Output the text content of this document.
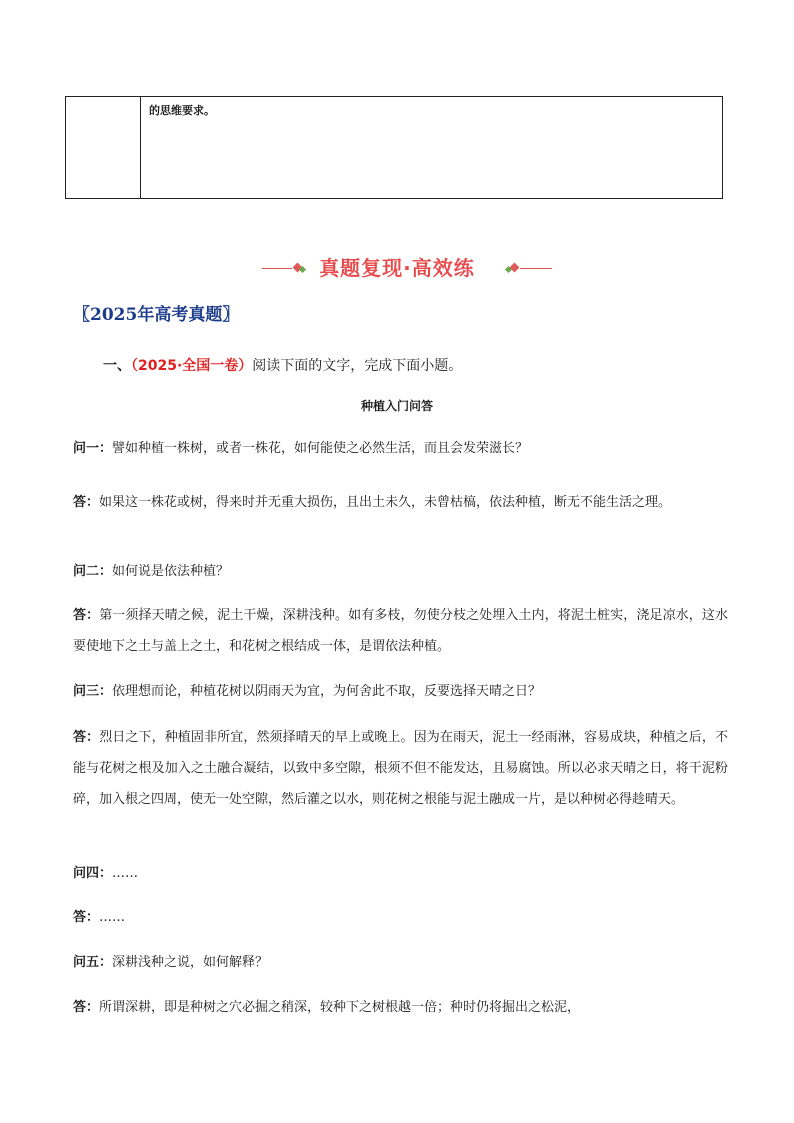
的思维要求。
真题复现·高效练
〖2025年高考真题〗
一、（2025·全国一卷）阅读下面的文字，完成下面小题。
种植入门问答
问一：譬如种植一株树，或者一株花，如何能使之必然生活，而且会发荣滋长？
答：如果这一株花或树，得来时并无重大损伤，且出土未久，未曾枯槁，依法种植，断无不能生活之理。
问二：如何说是依法种植？
答：第一须择天晴之候，泥土干燥，深耕浅种。如有多枝，勿使分枝之处埋入土内，将泥土桩实，浇足凉水，这水要使地下之土与盖上之土，和花树之根结成一体，是谓依法种植。
问三：依理想而论，种植花树以阴雨天为宜，为何舍此不取，反要选择天晴之日？
答：烈日之下，种植固非所宜，然须择晴天的早上或晚上。因为在雨天，泥土一经雨淋，容易成块，种植之后，不能与花树之根及加入之土融合凝结，以致中多空隙，根须不但不能发达，且易腐蚀。所以必求天晴之日，将干泥粉碎，加入根之四周，使无一处空隙，然后灌之以水，则花树之根能与泥土融成一片，是以种树必得趁晴天。
问四：……
答：……
问五：深耕浅种之说，如何解释？
答：所谓深耕，即是种树之穴必掘之稍深，较种下之树根越一倍；种时仍将掘出之松泥，
